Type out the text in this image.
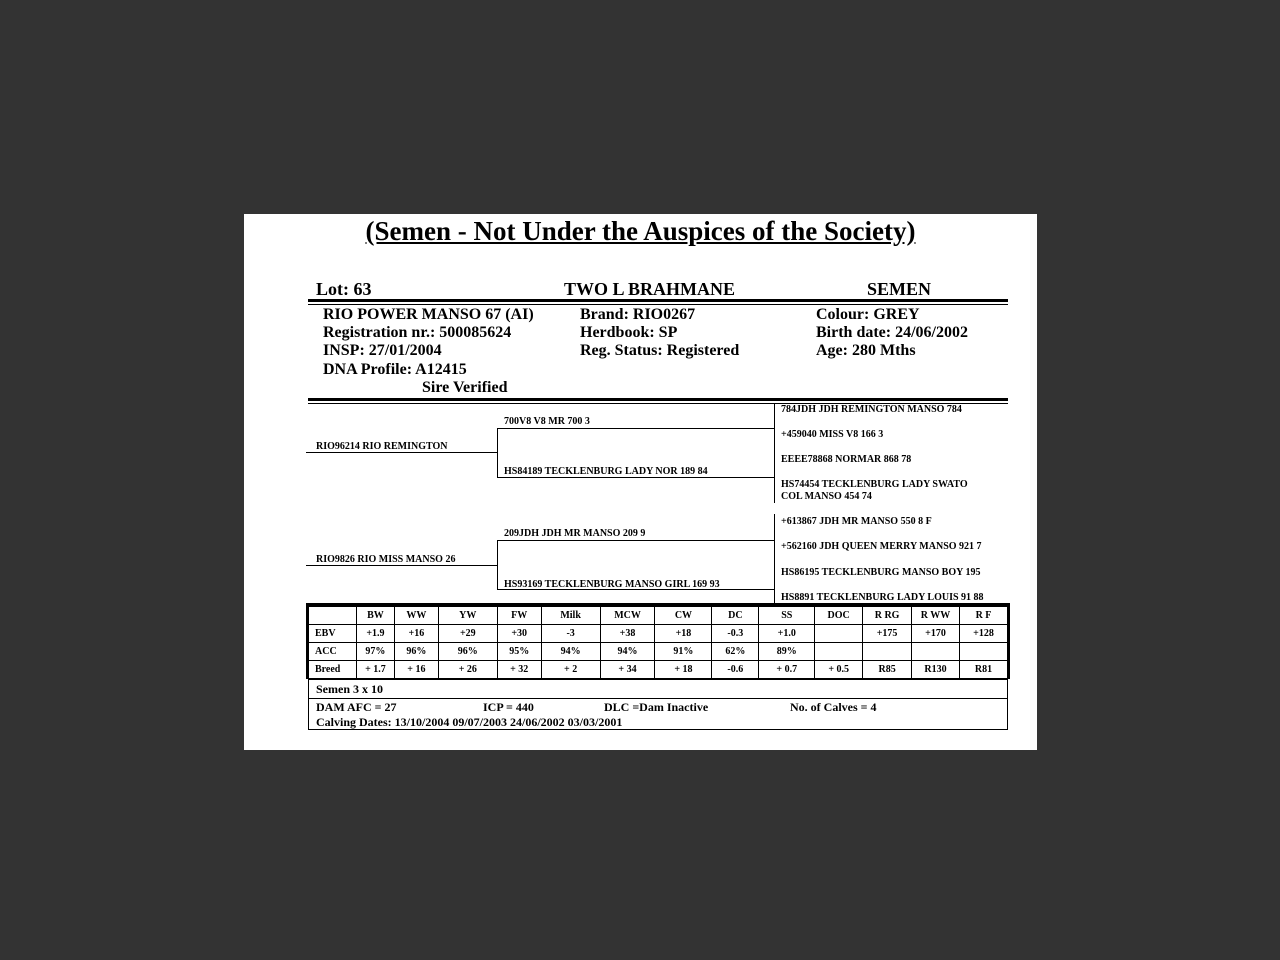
(Semen - Not Under the Auspices of the Society)
Lot: 63	TWO L BRAHMANE	SEMEN
RIO POWER MANSO 67 (AI)
Registration nr.: 500085624
INSP: 27/01/2004
DNA Profile: A12415
Sire Verified
Brand: RIO0267
Herdbook: SP
Reg. Status: Registered
Colour: GREY
Birth date: 24/06/2002
Age: 280 Mths
RIO96214 RIO REMINGTON
RIO9826 RIO MISS MANSO 26
700V8 V8 MR 700 3
HS84189 TECKLENBURG LADY NOR 189 84
209JDH JDH MR MANSO 209 9
HS93169 TECKLENBURG MANSO GIRL 169 93
784JDH JDH REMINGTON MANSO 784
+459040 MISS V8 166 3
EEEE78868 NORMAR 868 78
HS74454 TECKLENBURG LADY SWATO
COL MANSO 454 74
+613867 JDH MR MANSO 550 8 F
+562160 JDH QUEEN MERRY MANSO 921 7
HS86195 TECKLENBURG MANSO BOY 195
HS8891 TECKLENBURG LADY LOUIS 91 88
	BW	WW	YW	FW	Milk	MCW	CW	DC	SS	DOC	R RG	R WW	R F
EBV	+1.9	+16	+29	+30	-3	+38	+18	-0.3	+1.0		+175	+170	+128
ACC	97%	96%	96%	95%	94%	94%	91%	62%	89%				
Breed	+ 1.7	+ 16	+ 26	+ 32	+ 2	+ 34	+ 18	-0.6	+ 0.7	+ 0.5	R85	R130	R81
Semen 3 x 10
DAM AFC = 27	ICP = 440	DLC =Dam Inactive	No. of Calves = 4
Calving Dates: 13/10/2004 09/07/2003 24/06/2002 03/03/2001
